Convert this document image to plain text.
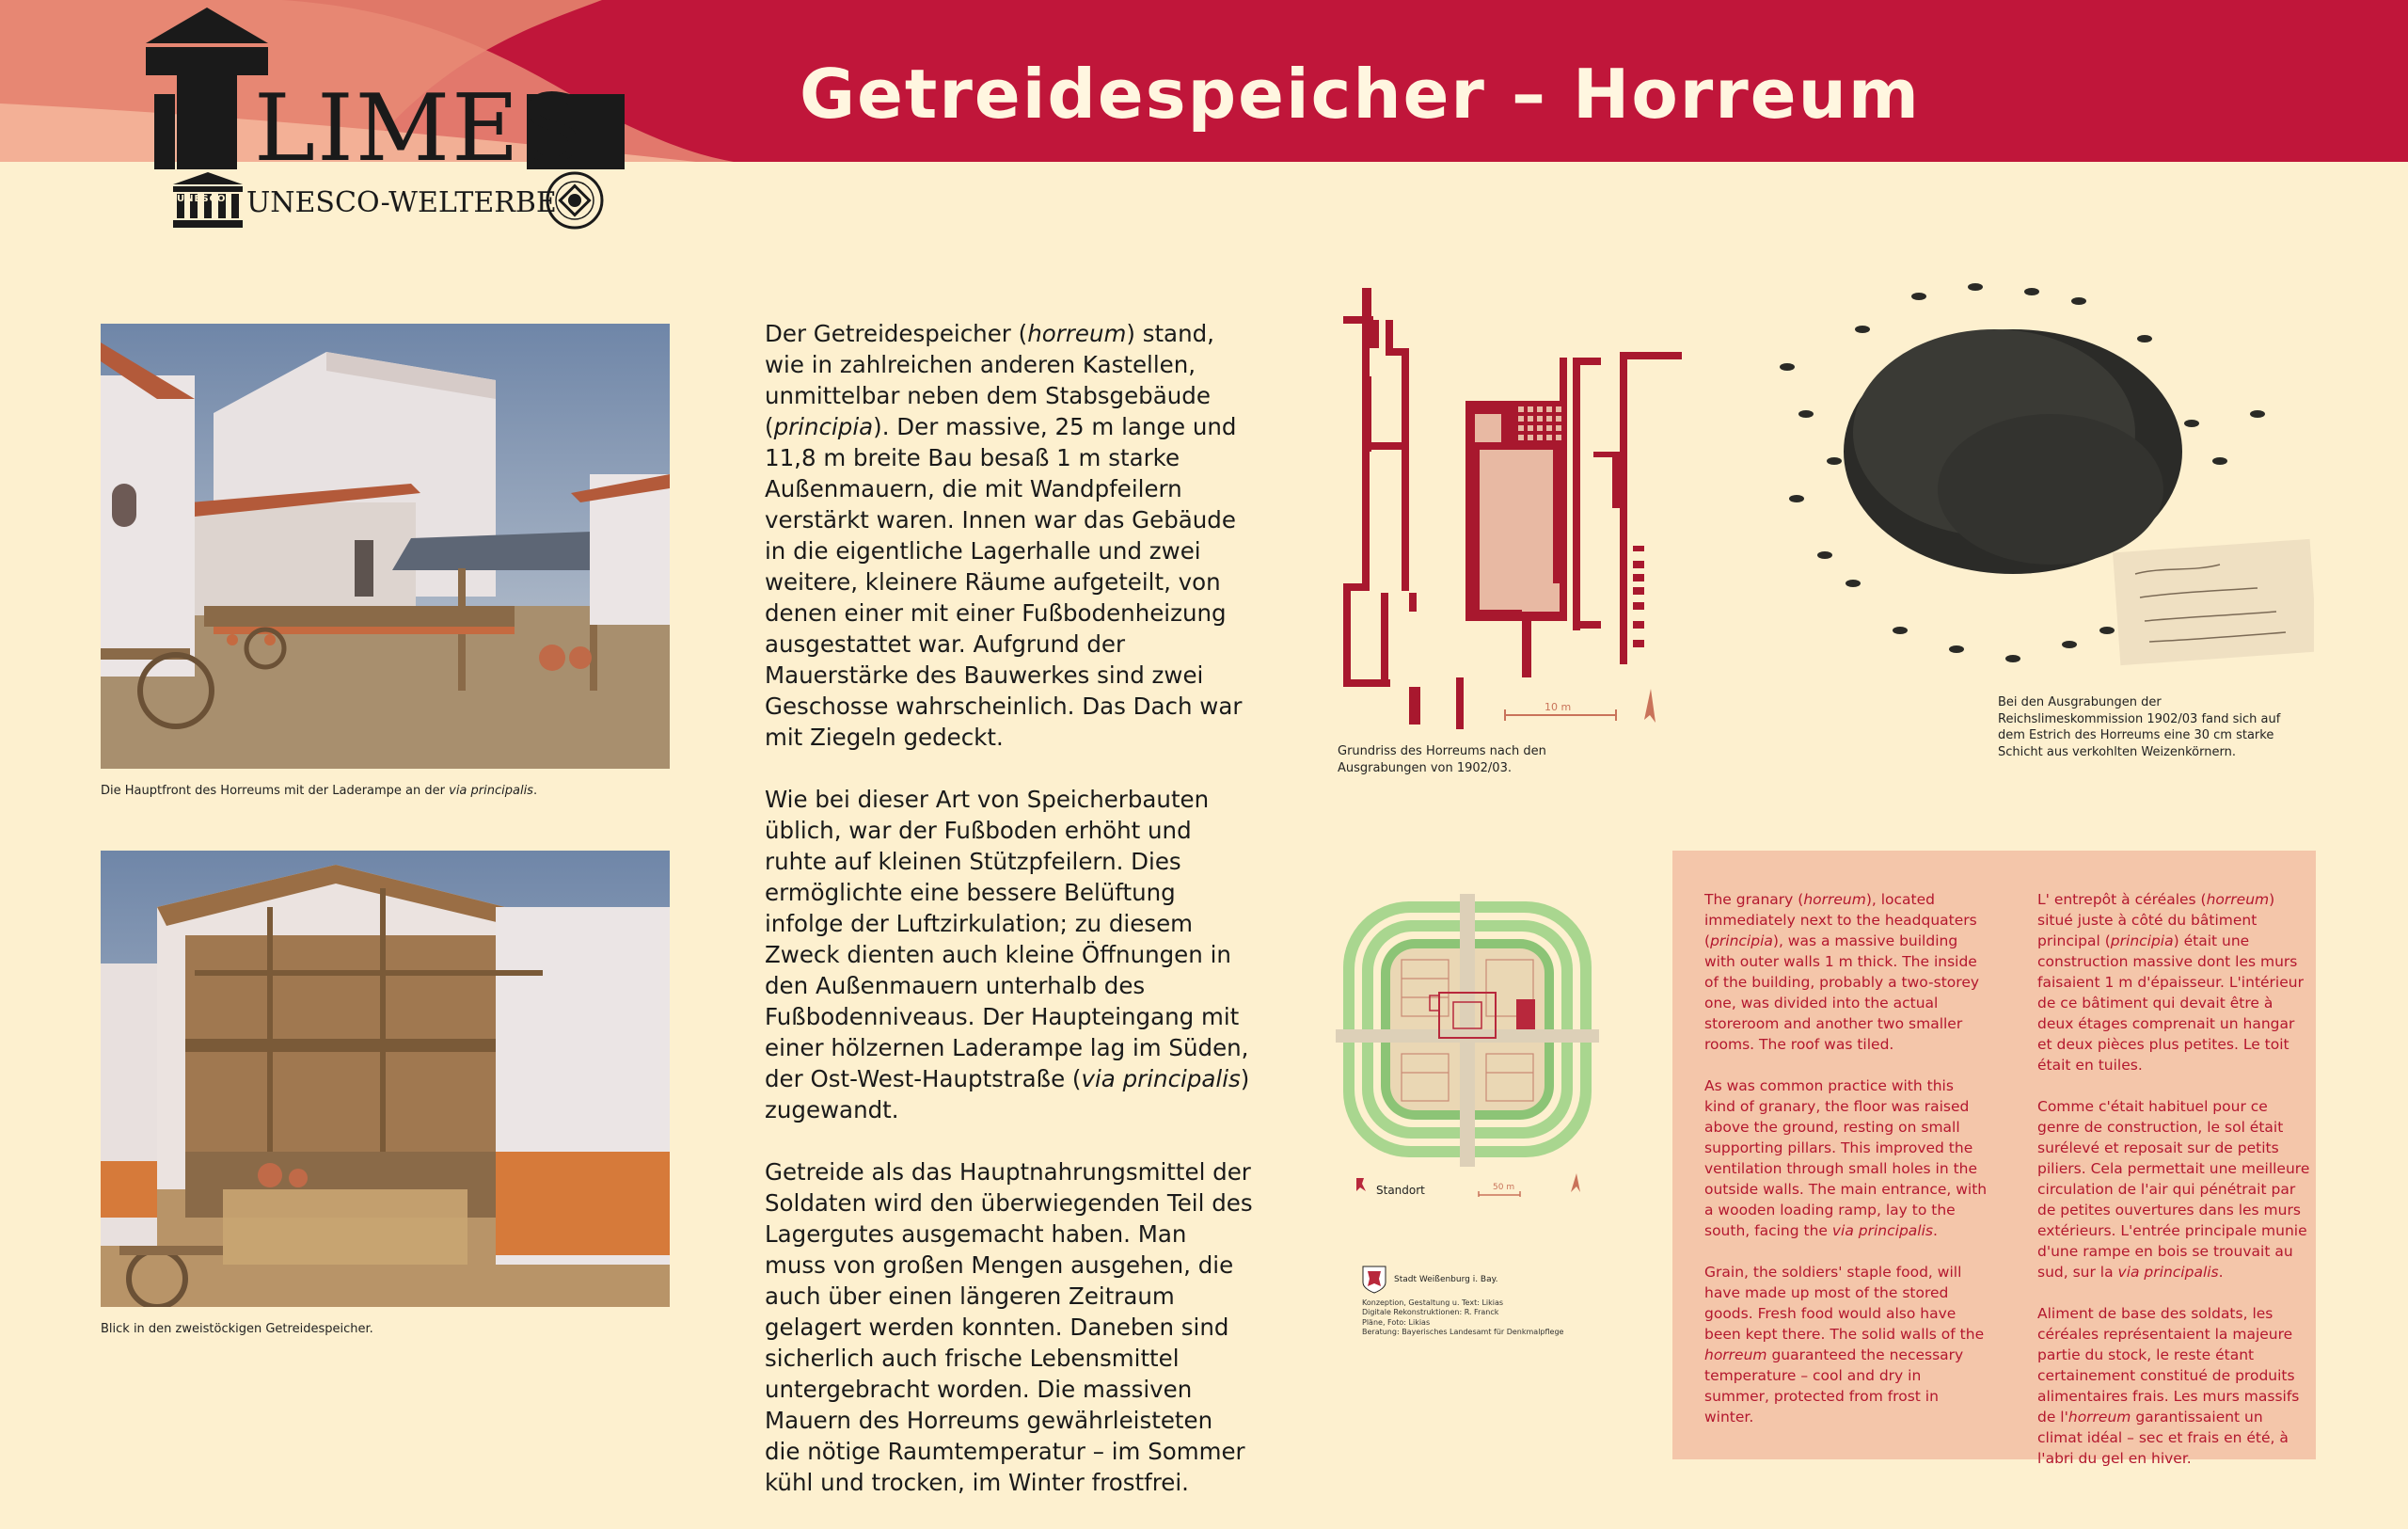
Getreidespeicher – Horreum
LIMES
UNESCO UNESCO-WELTERBE
Die Hauptfront des Horreums mit der Laderampe an der via principalis.
Blick in den zweistöckigen Getreidespeicher.

Der Getreidespeicher (horreum) stand, wie in zahlreichen anderen Kastellen, unmittelbar neben dem Stabsgebäude (principia). Der massive, 25 m lange und 11,8 m breite Bau besaß 1 m starke Außenmauern, die mit Wandpfeilern verstärkt waren. Innen war das Gebäude in die eigentliche Lagerhalle und zwei weitere, kleinere Räume aufgeteilt, von denen einer mit einer Fußbodenheizung ausgestattet war. Aufgrund der Mauerstärke des Bauwerkes sind zwei Geschosse wahrscheinlich. Das Dach war mit Ziegeln gedeckt.

Wie bei dieser Art von Speicherbauten üblich, war der Fußboden erhöht und ruhte auf kleinen Stützpfeilern. Dies ermöglichte eine bessere Belüftung infolge der Luftzirkulation; zu diesem Zweck dienten auch kleine Öffnungen in den Außenmauern unterhalb des Fußbodenniveaus. Der Haupteingang mit einer hölzernen Laderampe lag im Süden, der Ost-West-Hauptstraße (via principalis) zugewandt.

Getreide als das Hauptnahrungsmittel der Soldaten wird den überwiegenden Teil des Lagergutes ausgemacht haben. Man muss von großen Mengen ausgehen, die auch über einen längeren Zeitraum gelagert werden konnten. Daneben sind sicherlich auch frische Lebensmittel untergebracht worden. Die massiven Mauern des Horreums gewährleisteten die nötige Raumtemperatur – im Sommer kühl und trocken, im Winter frostfrei.

10 m
Grundriss des Horreums nach den Ausgrabungen von 1902/03.
Bei den Ausgrabungen der Reichslimeskommission 1902/03 fand sich auf dem Estrich des Horreums eine 30 cm starke Schicht aus verkohlten Weizenkörnern.
Standort	50 m
Stadt Weißenburg i. Bay.
Konzeption, Gestaltung u. Text: Likias
Digitale Rekonstruktionen: R. Franck
Pläne, Foto: Likias
Beratung: Bayerisches Landesamt für Denkmalpflege

The granary (horreum), located immediately next to the headquaters (principia), was a massive building with outer walls 1 m thick. The inside of the building, probably a two-storey one, was divided into the actual storeroom and another two smaller rooms. The roof was tiled.

As was common practice with this kind of granary, the floor was raised above the ground, resting on small supporting pillars. This improved the ventilation through small holes in the outside walls. The main entrance, with a wooden loading ramp, lay to the south, facing the via principalis.

Grain, the soldiers' staple food, will have made up most of the stored goods. Fresh food would also have been kept there. The solid walls of the horreum guaranteed the necessary temperature – cool and dry in summer, protected from frost in winter.

L' entrepôt à céréales (horreum) situé juste à côté du bâtiment principal (principia) était une construction massive dont les murs faisaient 1 m d'épaisseur. L'intérieur de ce bâtiment qui devait être à deux étages comprenait un hangar et deux pièces plus petites. Le toit était en tuiles.

Comme c'était habituel pour ce genre de construction, le sol était surélevé et reposait sur de petits piliers. Cela permettait une meilleure circulation de l'air qui pénétrait par de petites ouvertures dans les murs extérieurs. L'entrée principale munie d'une rampe en bois se trouvait au sud, sur la via principalis.

Aliment de base des soldats, les céréales représentaient la majeure partie du stock, le reste étant certainement constitué de produits alimentaires frais. Les murs massifs de l'horreum garantissaient un climat idéal – sec et frais en été, à l'abri du gel en hiver.
